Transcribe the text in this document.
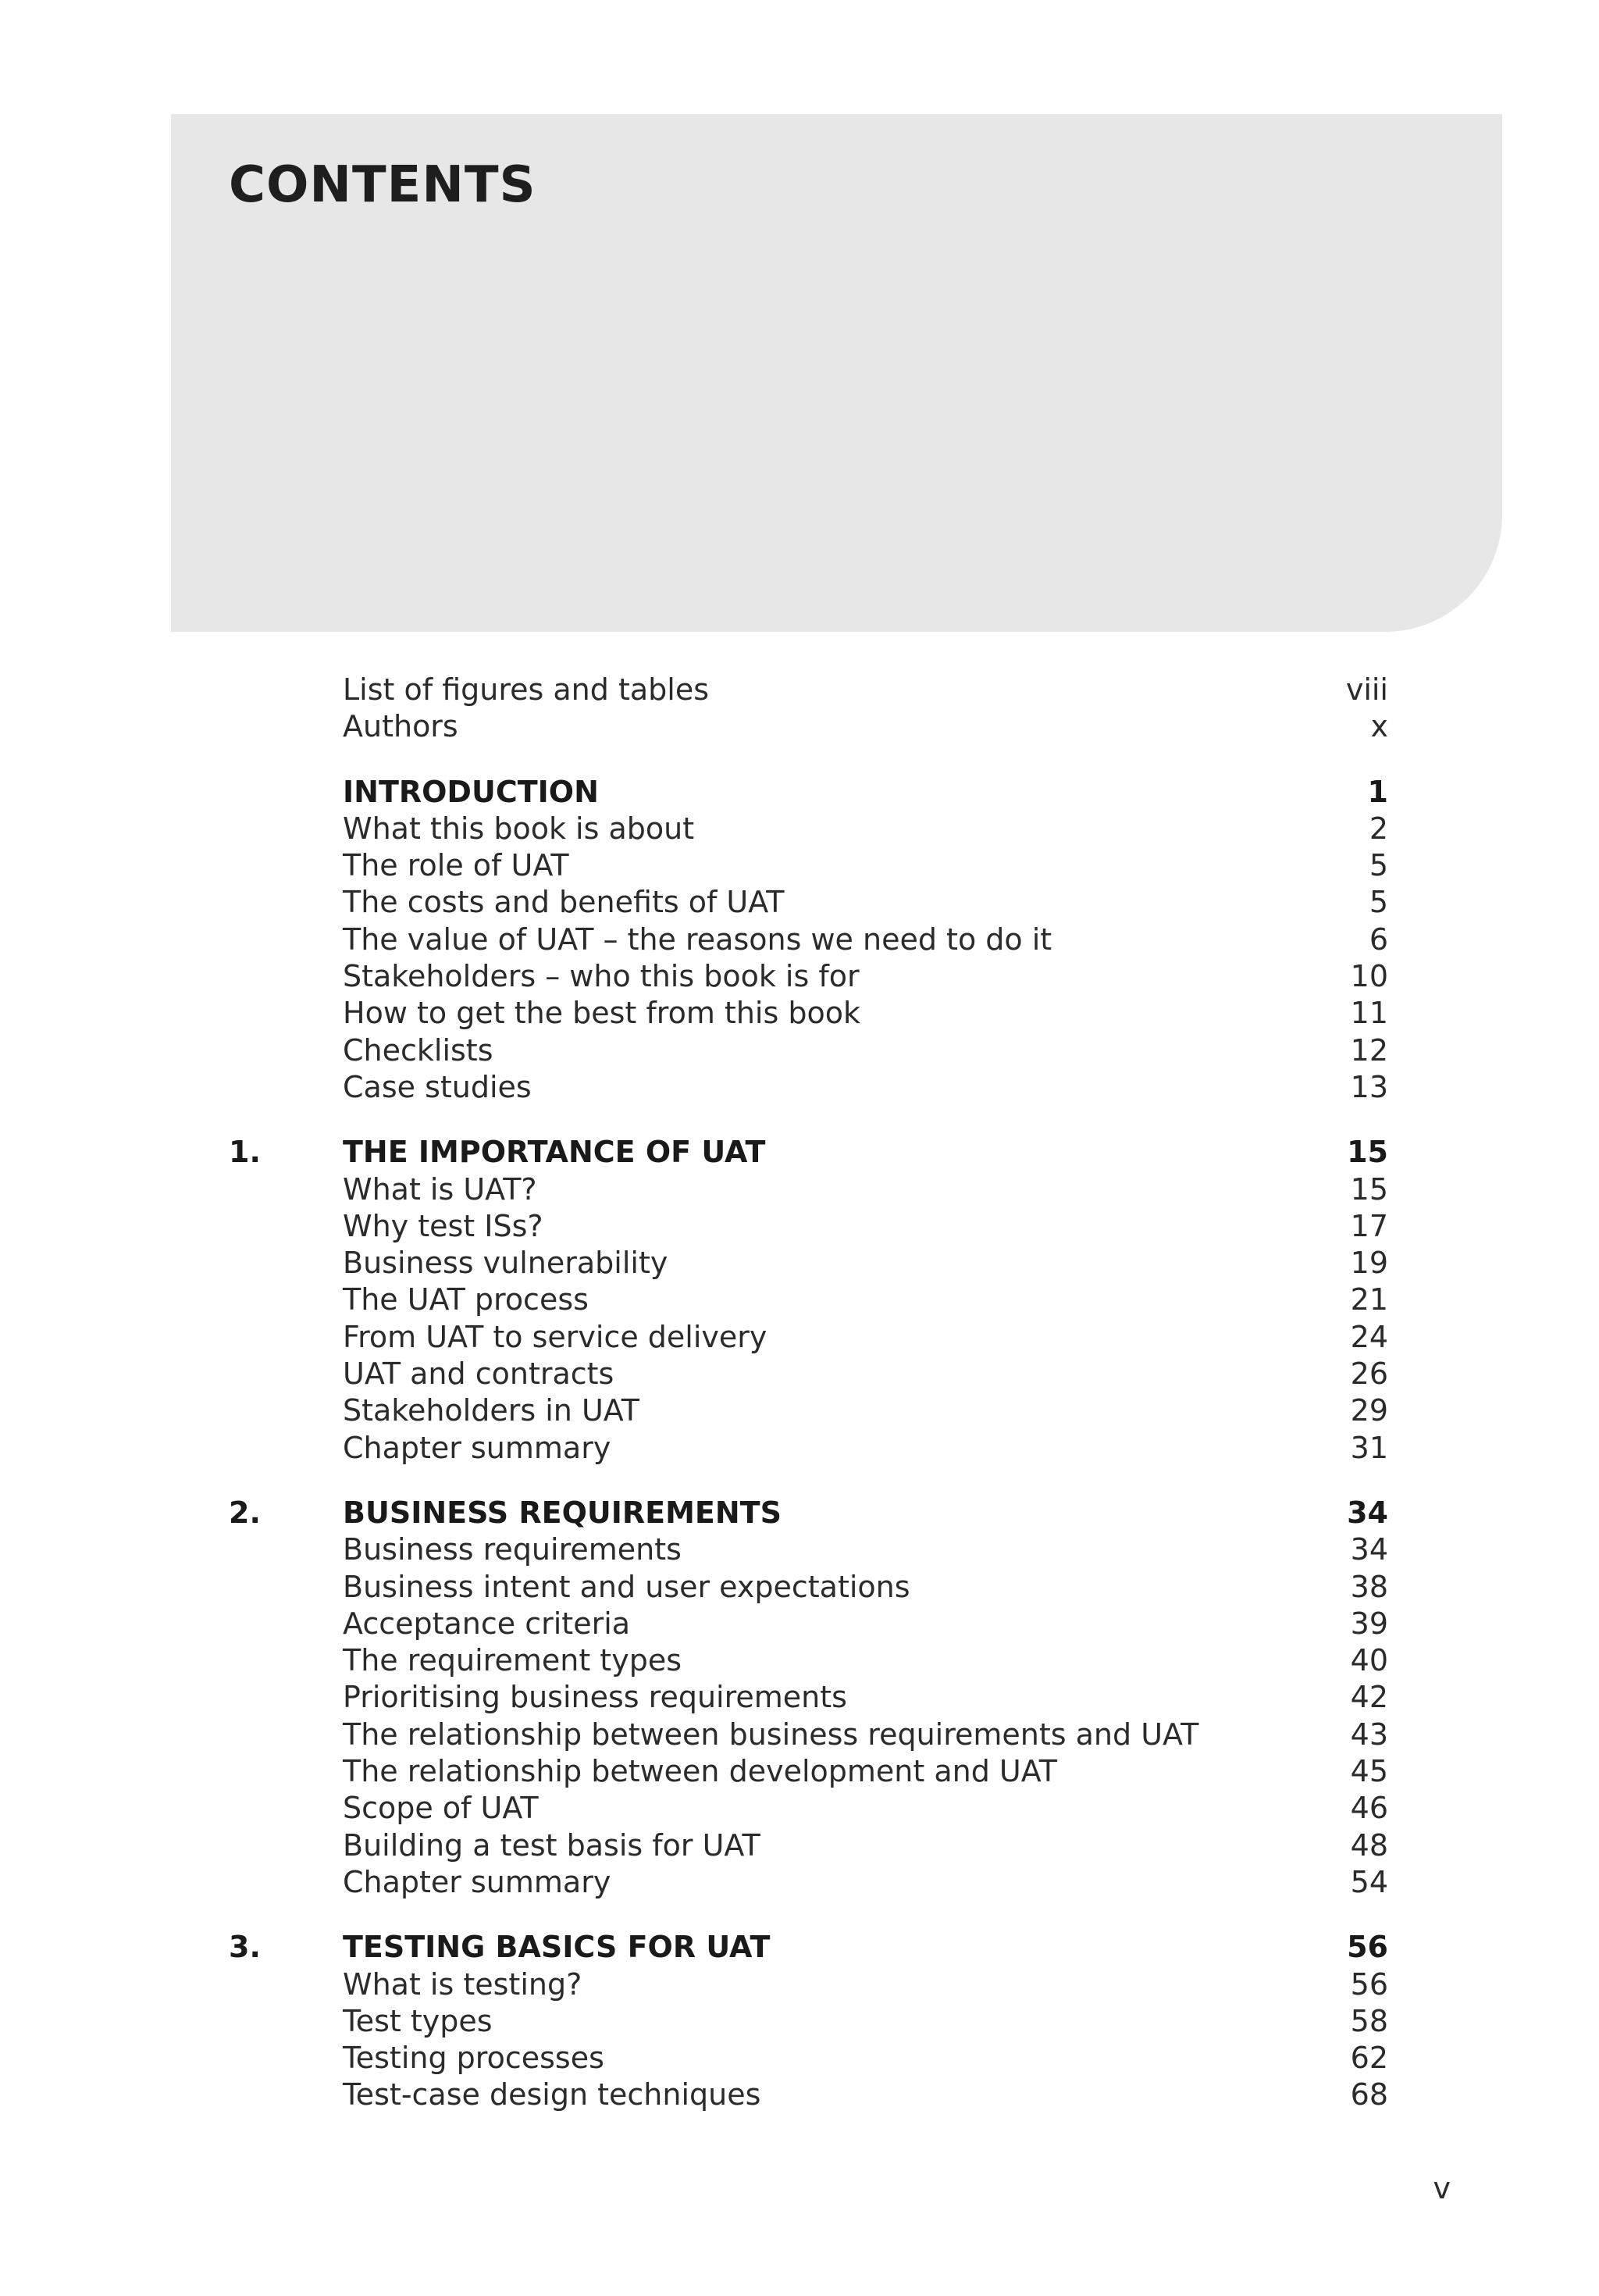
CONTENTS
List of figures and tables	viii
Authors	x
INTRODUCTION	1
What this book is about	2
The role of UAT	5
The costs and benefits of UAT	5
The value of UAT – the reasons we need to do it	6
Stakeholders – who this book is for	10
How to get the best from this book	11
Checklists	12
Case studies	13
1.	THE IMPORTANCE OF UAT	15
What is UAT?	15
Why test ISs?	17
Business vulnerability	19
The UAT process	21
From UAT to service delivery	24
UAT and contracts	26
Stakeholders in UAT	29
Chapter summary	31
2.	BUSINESS REQUIREMENTS	34
Business requirements	34
Business intent and user expectations	38
Acceptance criteria	39
The requirement types	40
Prioritising business requirements	42
The relationship between business requirements and UAT	43
The relationship between development and UAT	45
Scope of UAT	46
Building a test basis for UAT	48
Chapter summary	54
3.	TESTING BASICS FOR UAT	56
What is testing?	56
Test types	58
Testing processes	62
Test-case design techniques	68
v
